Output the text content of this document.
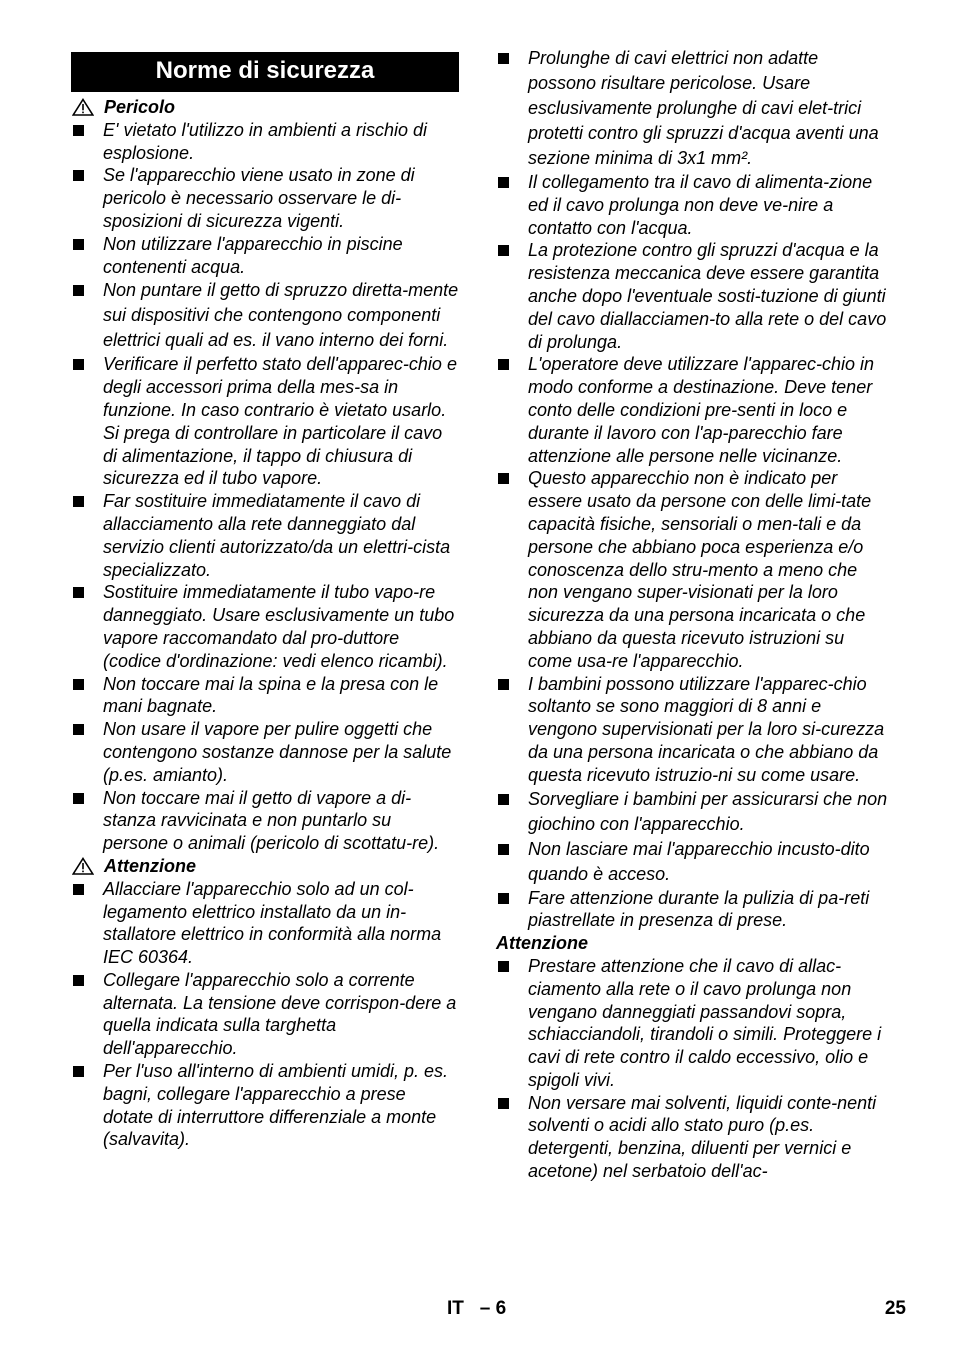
Norme di sicurezza
Pericolo
E' vietato l'utilizzo in ambienti a rischio di esplosione.
Se l'apparecchio viene usato in zone di pericolo è necessario osservare le di-sposizioni di sicurezza vigenti.
Non utilizzare l'apparecchio in piscine contenenti acqua.
Non puntare il getto di spruzzo diretta-mente sui dispositivi che contengono componenti elettrici quali ad es. il vano interno dei forni.
Verificare il perfetto stato dell'apparec-chio e degli accessori prima della mes-sa in funzione. In caso contrario è vietato usarlo. Si prega di controllare in particolare il cavo di alimentazione, il tappo di chiusura di sicurezza ed il tubo vapore.
Far sostituire immediatamente il cavo di allacciamento alla rete danneggiato dal servizio clienti autorizzato/da un elettri-cista specializzato.
Sostituire immediatamente il tubo vapo-re danneggiato. Usare esclusivamente un tubo vapore raccomandato dal pro-duttore (codice d'ordinazione: vedi elenco ricambi).
Non toccare mai la spina e la presa con le mani bagnate.
Non usare il vapore per pulire oggetti che contengono sostanze dannose per la salute (p.es. amianto).
Non toccare mai il getto di vapore a di-stanza ravvicinata e non puntarlo su persone o animali (pericolo di scottatu-re).
Attenzione
Allacciare l'apparecchio solo ad un col-legamento elettrico installato da un in-stallatore elettrico in conformità alla norma IEC 60364.
Collegare l'apparecchio solo a corrente alternata. La tensione deve corrispon-dere a quella indicata sulla targhetta dell'apparecchio.
Per l'uso all'interno di ambienti umidi, p. es. bagni, collegare l'apparecchio a prese dotate di interruttore differenziale a monte (salvavita).
Prolunghe di cavi elettrici non adatte possono risultare pericolose. Usare esclusivamente prolunghe di cavi elet-trici protetti contro gli spruzzi d'acqua aventi una sezione minima di 3x1 mm².
Il collegamento tra il cavo di alimenta-zione ed il cavo prolunga non deve ve-nire a contatto con l'acqua.
La protezione contro gli spruzzi d'acqua e la resistenza meccanica deve essere garantita anche dopo l'eventuale sosti-tuzione di giunti del cavo diallacciamen-to alla rete o del cavo di prolunga.
L'operatore deve utilizzare l'apparec-chio in modo conforme a destinazione. Deve tener conto delle condizioni pre-senti in loco e durante il lavoro con l'ap-parecchio fare attenzione alle persone nelle vicinanze.
Questo apparecchio non è indicato per essere usato da persone con delle limi-tate capacità fisiche, sensoriali o men-tali e da persone che abbiano poca esperienza e/o conoscenza dello stru-mento a meno che non vengano super-visionati per la loro sicurezza da una persona incaricata o che abbiano da questa ricevuto istruzioni su come usa-re l'apparecchio.
I bambini possono utilizzare l'apparec-chio soltanto se sono maggiori di 8 anni e vengono supervisionati per la loro si-curezza da una persona incaricata o che abbiano da questa ricevuto istruzio-ni su come usare.
Sorvegliare i bambini per assicurarsi che non giochino con l'apparecchio.
Non lasciare mai l'apparecchio incusto-dito quando è acceso.
Fare attenzione durante la pulizia di pa-reti piastrellate in presenza di prese.
Attenzione
Prestare attenzione che il cavo di allac-ciamento alla rete o il cavo prolunga non vengano danneggiati passandovi sopra, schiacciandoli, tirandoli o simili. Proteggere i cavi di rete contro il caldo eccessivo, olio e spigoli vivi.
Non versare mai solventi, liquidi conte-nenti solventi o acidi allo stato puro (p.es. detergenti, benzina, diluenti per vernici e acetone) nel serbatoio dell'ac-
IT   – 6	25
